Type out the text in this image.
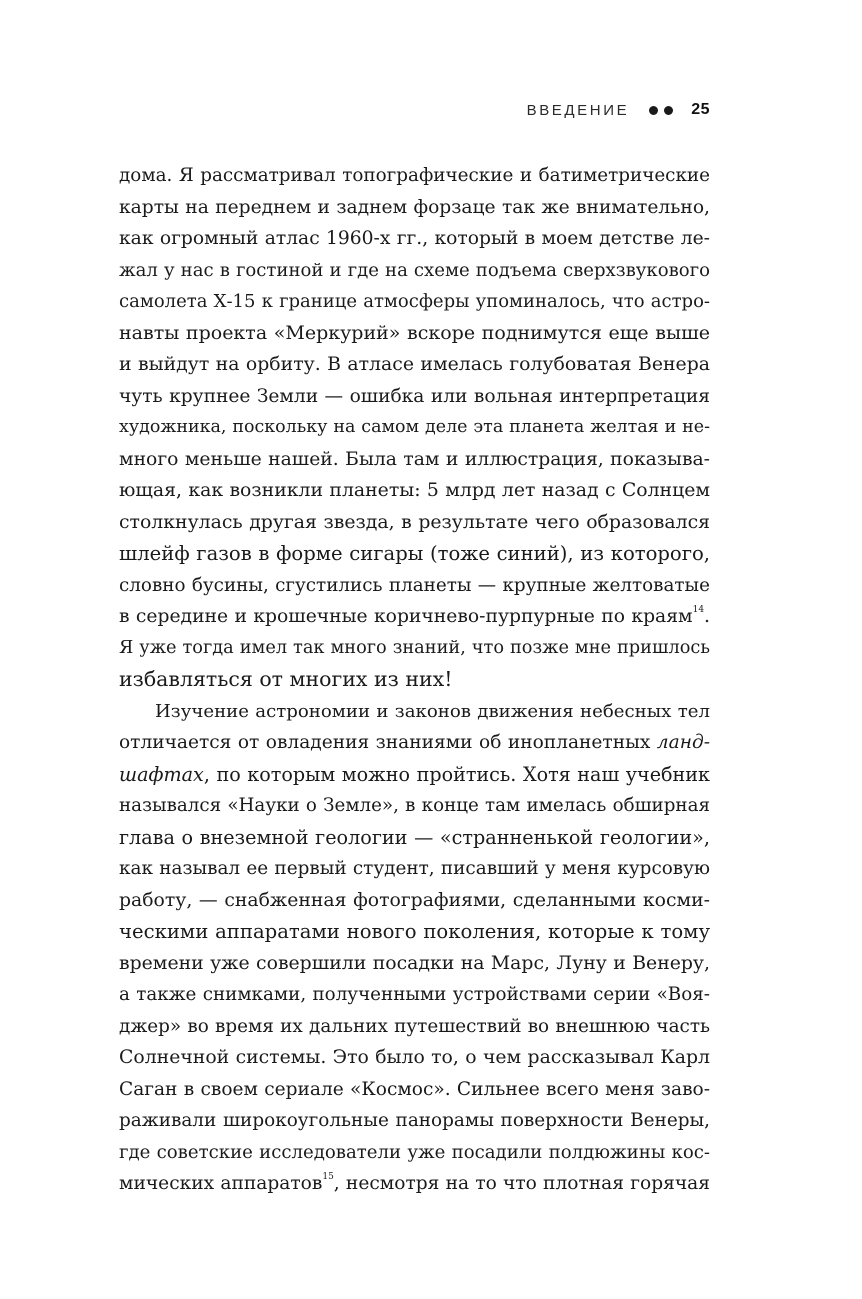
ВВЕДЕНИЕ	25
дома. Я рассматривал топографические и батиметрические
карты на переднем и заднем форзаце так же внимательно,
как огромный атлас 1960-х гг., который в моем детстве ле-
жал у нас в гостиной и где на схеме подъема сверхзвукового
самолета Х-15 к границе атмосферы упоминалось, что астро-
навты проекта «Меркурий» вскоре поднимутся еще выше
и выйдут на орбиту. В атласе имелась голубоватая Венера
чуть крупнее Земли — ошибка или вольная интерпретация
художника, поскольку на самом деле эта планета желтая и не-
много меньше нашей. Была там и иллюстрация, показыва-
ющая, как возникли планеты: 5 млрд лет назад с Солнцем
столкнулась другая звезда, в результате чего образовался
шлейф газов в форме сигары (тоже синий), из которого,
словно бусины, сгустились планеты — крупные желтоватые
в середине и крошечные коричнево-пурпурные по краям$^{14}$.
Я уже тогда имел так много знаний, что позже мне пришлось
избавляться от многих из них!
Изучение астрономии и законов движения небесных тел
отличается от овладения знаниями об инопланетных ланд-
шафтах, по которым можно пройтись. Хотя наш учебник
назывался «Науки о Земле», в конце там имелась обширная
глава о внеземной геологии — «странненькой геологии»,
как называл ее первый студент, писавший у меня курсовую
работу, — снабженная фотографиями, сделанными косми-
ческими аппаратами нового поколения, которые к тому
времени уже совершили посадки на Марс, Луну и Венеру,
а также снимками, полученными устройствами серии «Воя-
джер» во время их дальних путешествий во внешнюю часть
Солнечной системы. Это было то, о чем рассказывал Карл
Саган в своем сериале «Космос». Сильнее всего меня заво-
раживали широкоугольные панорамы поверхности Венеры,
где советские исследователи уже посадили полдюжины кос-
мических аппаратов$^{15}$, несмотря на то что плотная горячая
